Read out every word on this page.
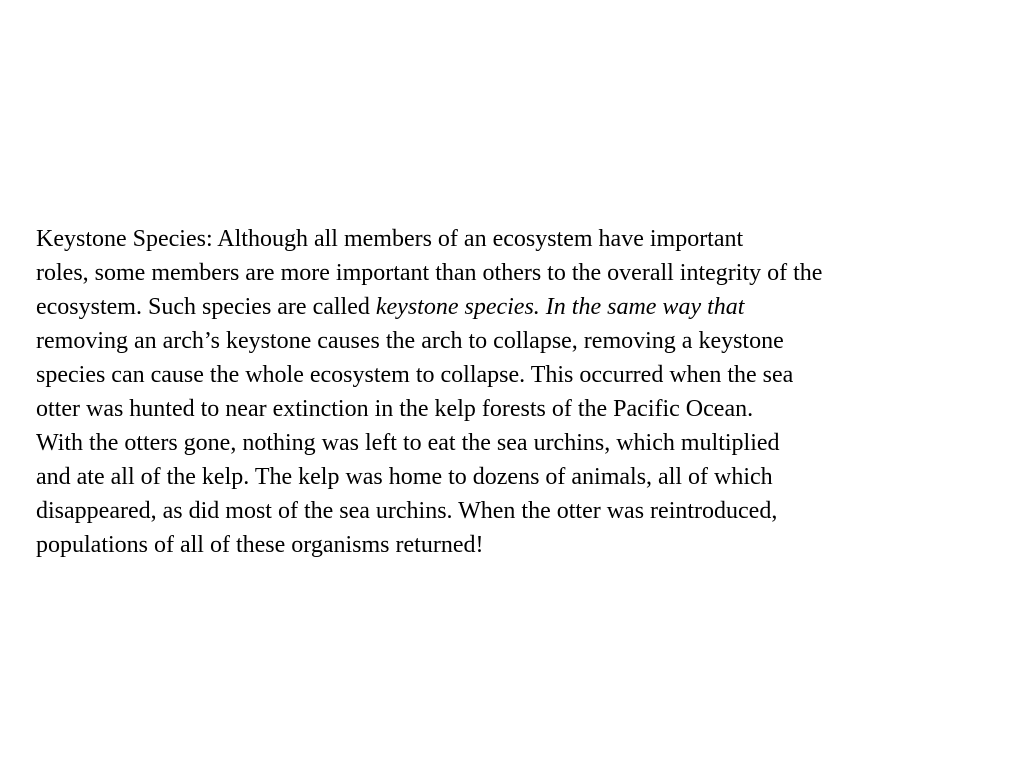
Keystone Species: Although all members of an ecosystem have important
roles, some members are more important than others to the overall integrity of the
ecosystem. Such species are called keystone species. In the same way that
removing an arch’s keystone causes the arch to collapse, removing a keystone
species can cause the whole ecosystem to collapse. This occurred when the sea
otter was hunted to near extinction in the kelp forests of the Pacific Ocean.
With the otters gone, nothing was left to eat the sea urchins, which multiplied
and ate all of the kelp. The kelp was home to dozens of animals, all of which
disappeared, as did most of the sea urchins. When the otter was reintroduced,
populations of all of these organisms returned!
